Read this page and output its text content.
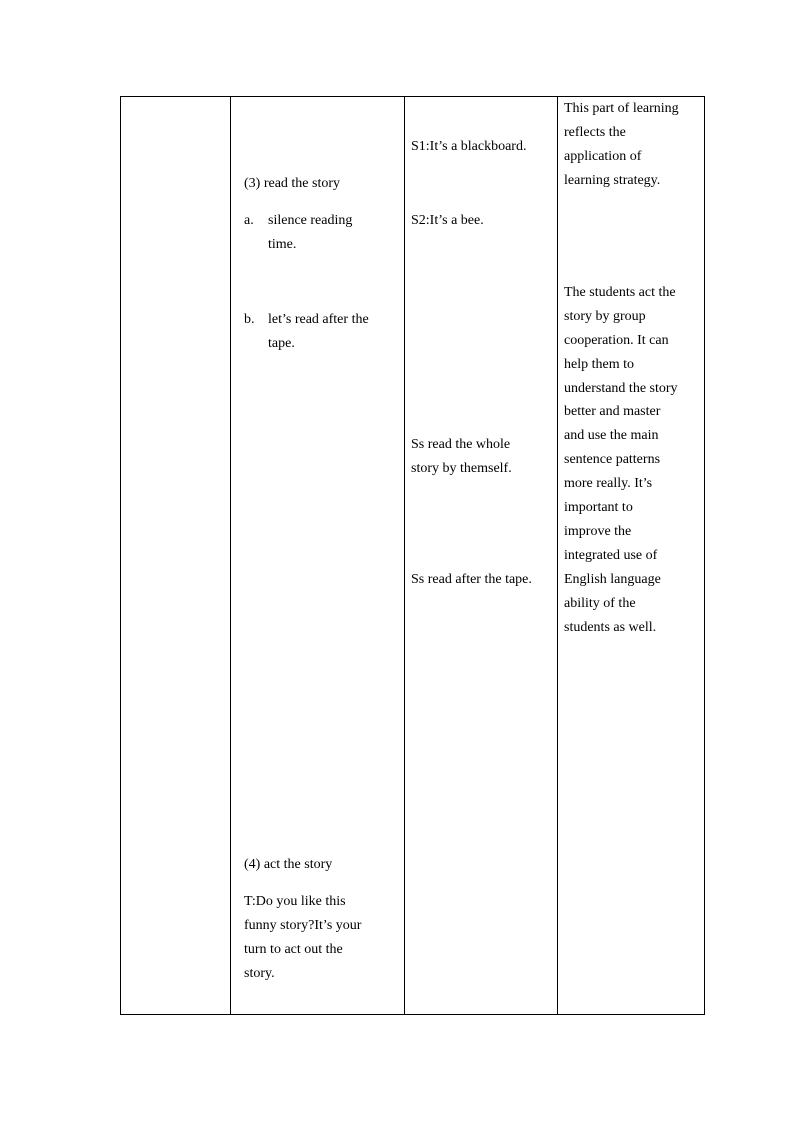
(3) read the story
a. silence reading
time.
b. let’s read after the
tape.
(4) act the story
T:Do you like this
funny story?It’s your
turn to act out the
story.
S1:It’s a blackboard.
S2:It’s a bee.
Ss read the whole
story by themself.
Ss read after the tape.
This part of learning
reflects the
application of
learning strategy.
The students act the
story by group
cooperation. It can
help them to
understand the story
better and master
and use the main
sentence patterns
more really. It’s
important to
improve the
integrated use of
English language
ability of the
students as well.
